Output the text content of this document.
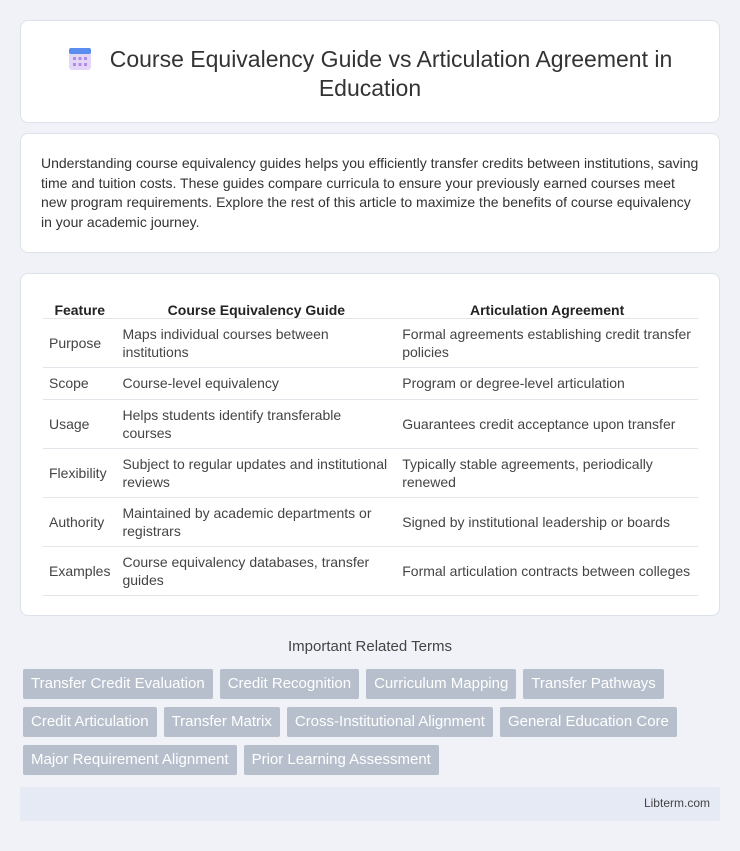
Course Equivalency Guide vs Articulation Agreement in Education

Understanding course equivalency guides helps you efficiently transfer credits between institutions, saving time and tuition costs. These guides compare curricula to ensure your previously earned courses meet new program requirements. Explore the rest of this article to maximize the benefits of course equivalency in your academic journey.

Feature	Course Equivalency Guide	Articulation Agreement
Purpose	Maps individual courses between institutions	Formal agreements establishing credit transfer policies
Scope	Course-level equivalency	Program or degree-level articulation
Usage	Helps students identify transferable courses	Guarantees credit acceptance upon transfer
Flexibility	Subject to regular updates and institutional reviews	Typically stable agreements, periodically renewed
Authority	Maintained by academic departments or registrars	Signed by institutional leadership or boards
Examples	Course equivalency databases, transfer guides	Formal articulation contracts between colleges
Important Related Terms
Transfer Credit Evaluation	Credit Recognition	Curriculum Mapping	Transfer Pathways
Credit Articulation	Transfer Matrix	Cross-Institutional Alignment	General Education Core
Major Requirement Alignment	Prior Learning Assessment
Libterm.com
